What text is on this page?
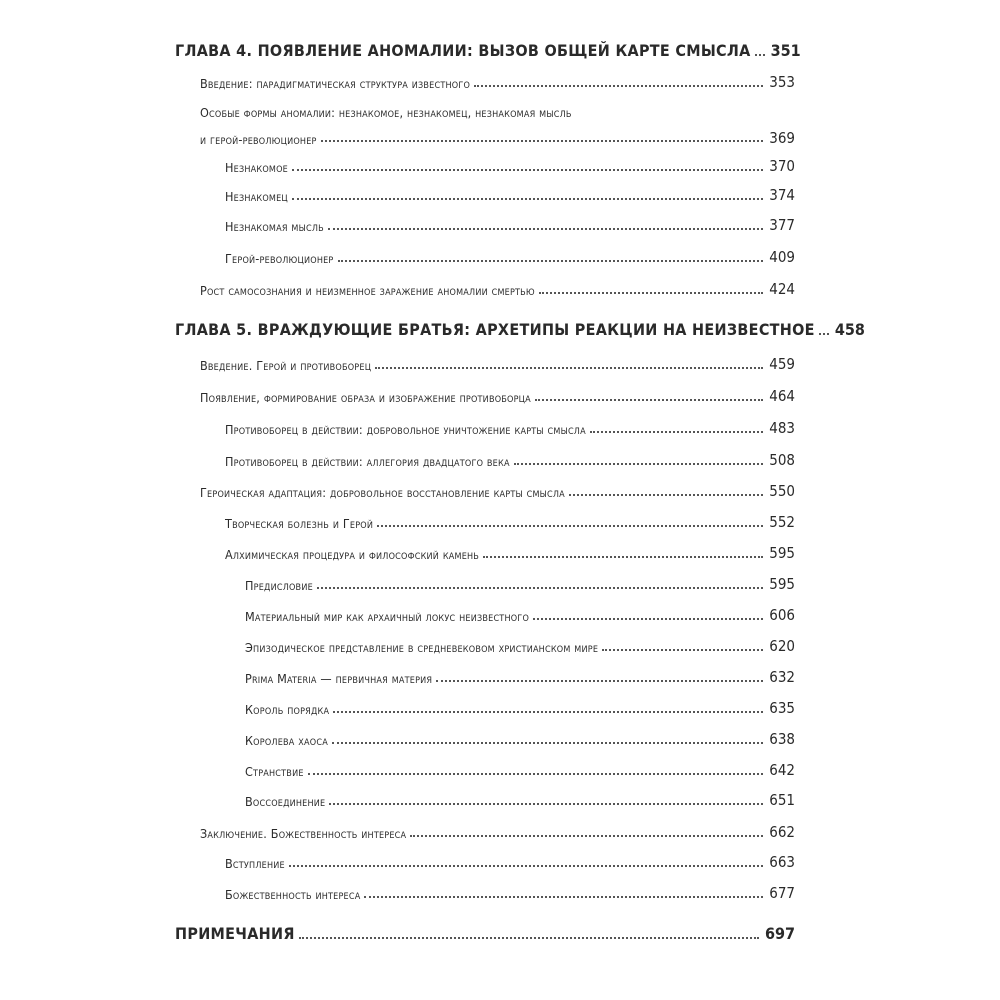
ГЛАВА 4. ПОЯВЛЕНИЕ АНОМАЛИИ: ВЫЗОВ ОБЩЕЙ КАРТЕ СМЫСЛА 351
Введение: парадигматическая структура известного	353
Особые формы аномалии: незнакомое, незнакомец, незнакомая мысль
и герой-революционер	369
Незнакомое	370
Незнакомец	374
Незнакомая мысль	377
Герой-революционер	409
Рост самосознания и неизменное заражение аномалии смертью	424
ГЛАВА 5. ВРАЖДУЮЩИЕ БРАТЬЯ: АРХЕТИПЫ РЕАКЦИИ НА НЕИЗВЕСТНОЕ 458
Введение. Герой и противоборец	459
Появление, формирование образа и изображение противоборца	464
Противоборец в действии: добровольное уничтожение карты смысла	483
Противоборец в действии: аллегория двадцатого века	508
Героическая адаптация: добровольное восстановление карты смысла	550
Творческая болезнь и Герой	552
Алхимическая процедура и философский камень	595
Предисловие	595
Материальный мир как архаичный локус неизвестного	606
Эпизодическое представление в средневековом христианском мире	620
Prima Materia — первичная материя	632
Король порядка	635
Королева хаоса	638
Странствие	642
Воссоединение	651
Заключение. Божественность интереса	662
Вступление	663
Божественность интереса	677
ПРИМЕЧАНИЯ	697
